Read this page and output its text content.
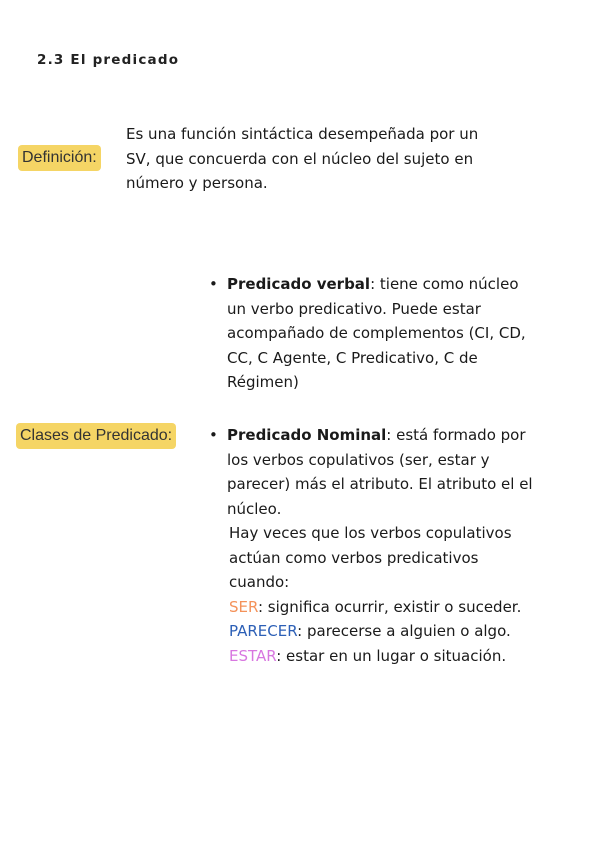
2.3 El predicado
Definición:
Es una función sintáctica desempeñada por un SV, que concuerda con el núcleo del sujeto en número y persona.
• Predicado verbal: tiene como núcleo un verbo predicativo. Puede estar acompañado de complementos (CI, CD, CC, C Agente, C Predicativo, C de Régimen)
Clases de Predicado:	• Predicado Nominal: está formado por los verbos copulativos (ser, estar y parecer) más el atributo. El atributo el el núcleo.
Hay veces que los verbos copulativos actúan como verbos predicativos cuando:
SER: significa ocurrir, existir o suceder.
PARECER: parecerse a alguien o algo.
ESTAR: estar en un lugar o situación.
